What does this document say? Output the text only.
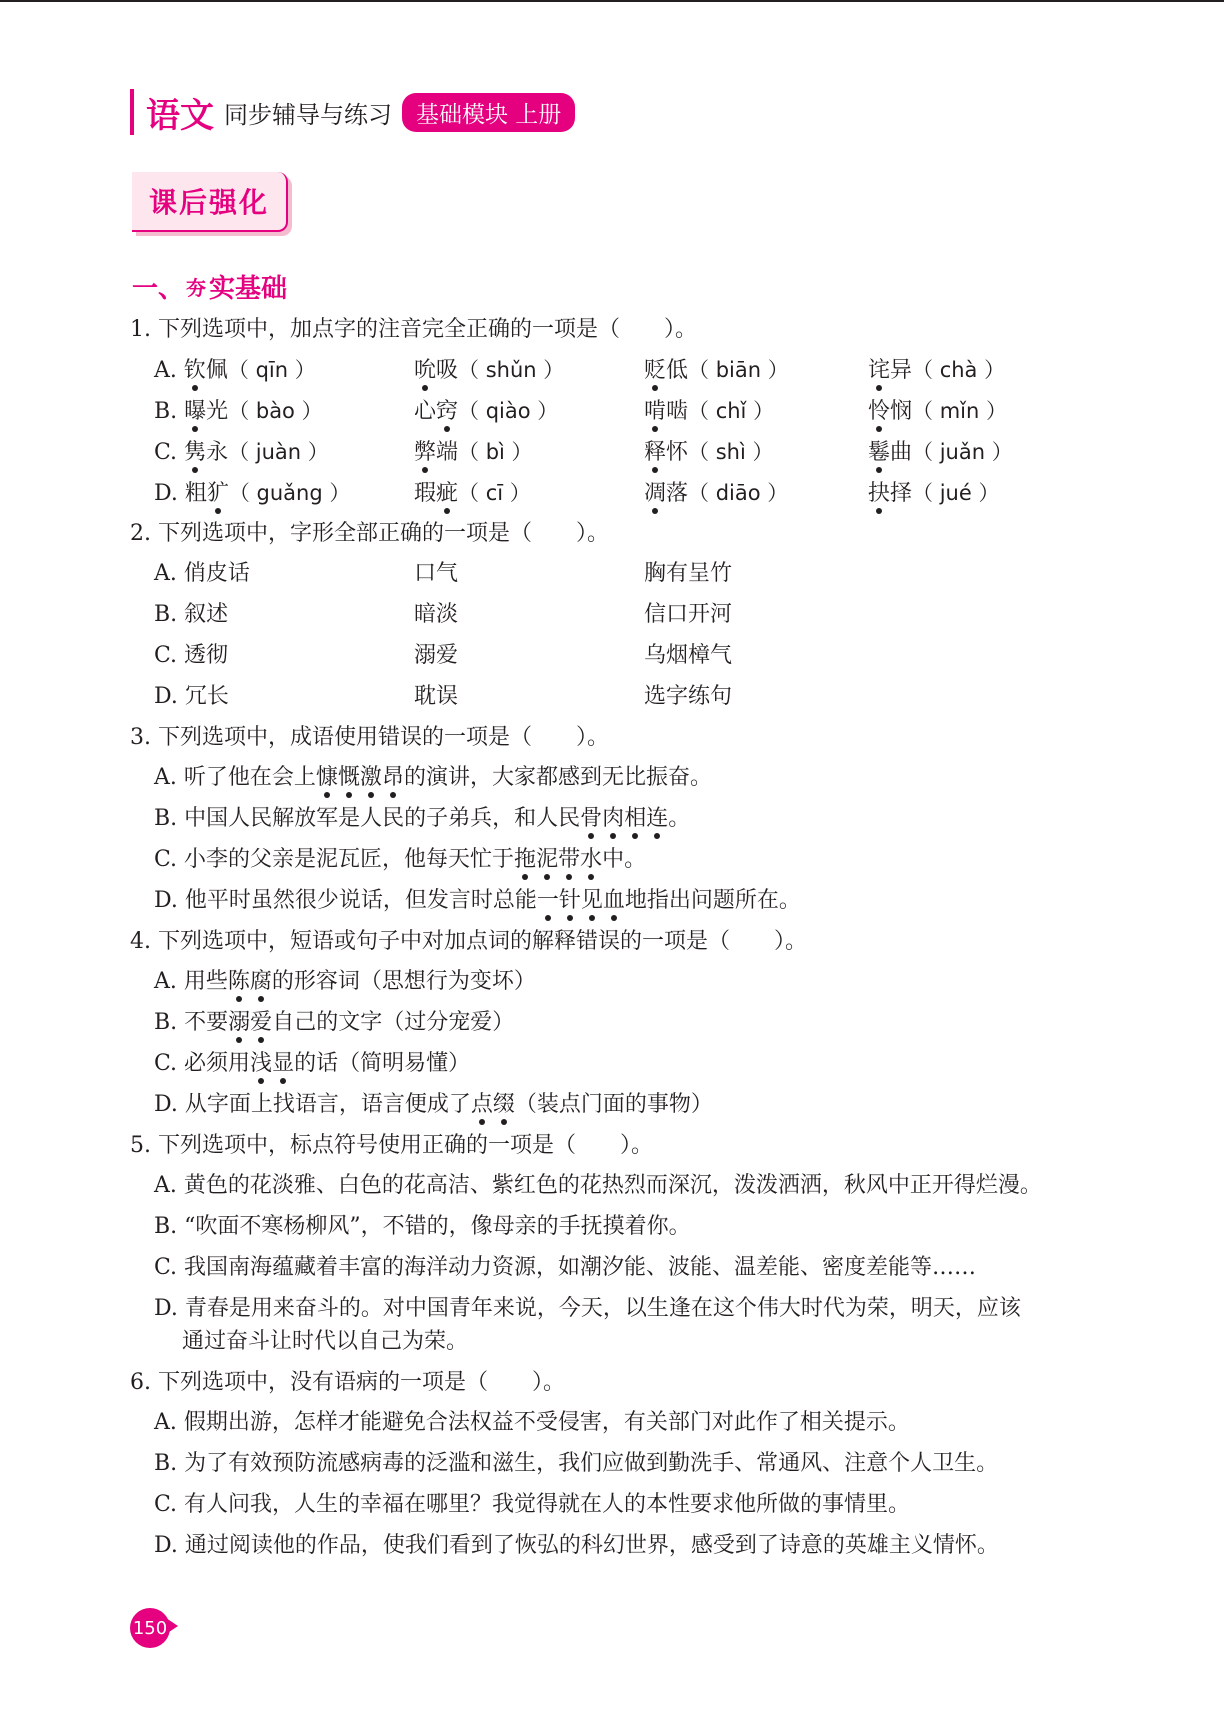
语文 同步辅导与练习	基础模块 上册
课后强化
一、 夯 实基础
1. 下列选项中，加点字的注音完全正确的一项是（　　）。
A. 钦佩（ qīn ）	吮吸（ shǔn ）	贬低（ biān ）	诧异（ chà ）
B. 曝光（ bào ）	心窍（ qiào ）	啃啮（ chǐ ）	怜悯（ mǐn ）
C. 隽永（ juàn ）	弊端（ bì ）	释怀（ shì ）	鬈曲（ juǎn ）
D. 粗犷（ guǎng ）	瑕疵（ cī ）	凋落（ diāo ）	抉择（ jué ）
2. 下列选项中，字形全部正确的一项是（　　）。
A. 俏皮话	口气	胸有呈竹
B. 叙述	暗淡	信口开河
C. 透彻	溺爱	乌烟樟气
D. 冗长	耽误	选字练句
3. 下列选项中，成语使用错误的一项是（　　）。
A. 听了他在会上慷慨激昂的演讲，大家都感到无比振奋。
B. 中国人民解放军是人民的子弟兵，和人民骨肉相连。
C. 小李的父亲是泥瓦匠，他每天忙于拖泥带水中。
D. 他平时虽然很少说话，但发言时总能一针见血地指出问题所在。
4. 下列选项中，短语或句子中对加点词的解释错误的一项是（　　）。
A. 用些陈腐的形容词（思想行为变坏）
B. 不要溺爱自己的文字（过分宠爱）
C. 必须用浅显的话（简明易懂）
D. 从字面上找语言，语言便成了点缀（装点门面的事物）
5. 下列选项中，标点符号使用正确的一项是（　　）。
A. 黄色的花淡雅、白色的花高洁、紫红色的花热烈而深沉，泼泼洒洒，秋风中正开得烂漫。
B. “吹面不寒杨柳风”，不错的，像母亲的手抚摸着你。
C. 我国南海蕴藏着丰富的海洋动力资源，如潮汐能、波能、温差能、密度差能等……
D. 青春是用来奋斗的。对中国青年来说，今天，以生逢在这个伟大时代为荣，明天，应该
通过奋斗让时代以自己为荣。
6. 下列选项中，没有语病的一项是（　　）。
A. 假期出游，怎样才能避免合法权益不受侵害，有关部门对此作了相关提示。
B. 为了有效预防流感病毒的泛滥和滋生，我们应做到勤洗手、常通风、注意个人卫生。
C. 有人问我，人生的幸福在哪里？我觉得就在人的本性要求他所做的事情里。
D. 通过阅读他的作品，使我们看到了恢弘的科幻世界，感受到了诗意的英雄主义情怀。
150
